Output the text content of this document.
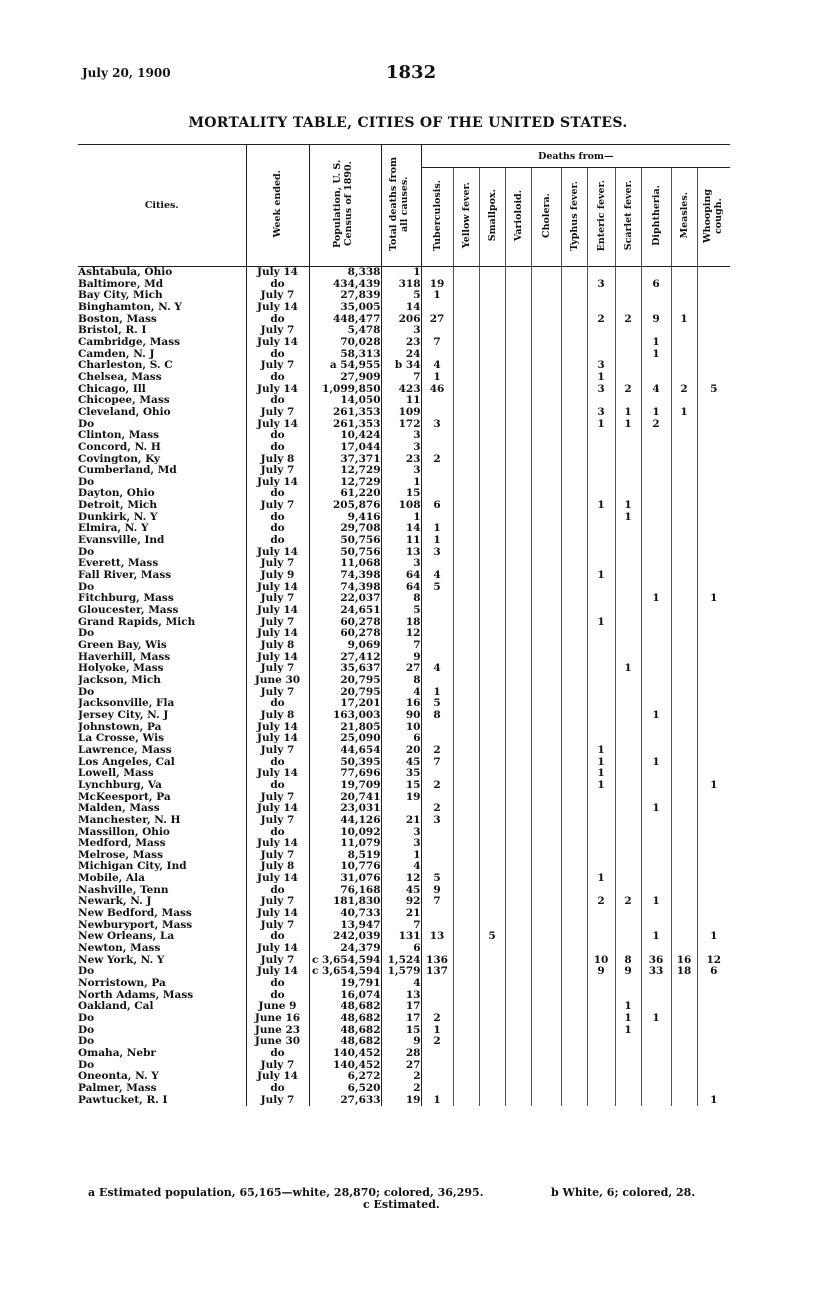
July 20, 1900	1832
MORTALITY TABLE, CITIES OF THE UNITED STATES.
Cities.	Week ended.	Population, U. S. Census of 1890.	Total deaths from all causes.	Deaths from—										
				Tuberculosis.	Yellow fever.	Smallpox.	Varioloid.	Cholera.	Typhus fever.	Enteric fever.	Scarlet fever.	Diphtheria.	Measles.	Whooping cough.
Ashtabula, Ohio	July 14	8,338	1											
Baltimore, Md	do	434,439	318	19						3		6		
Bay City, Mich	July 7	27,839	5	1										
Binghamton, N. Y	July 14	35,005	14											
Boston, Mass	do	448,477	206	27						2	2	9	1	
Bristol, R. I	July 7	5,478	3											
Cambridge, Mass	July 14	70,028	23	7								1		
Camden, N. J	do	58,313	24									1		
Charleston, S. C	July 7	a 54,955	b 34	4						3				
Chelsea, Mass	do	27,909	7	1						1				
Chicago, Ill	July 14	1,099,850	423	46						3	2	4	2	5
Chicopee, Mass	do	14,050	11											
Cleveland, Ohio	July 7	261,353	109							3	1	1	1	
Do	July 14	261,353	172	3						1	1	2		
Clinton, Mass	do	10,424	3											
Concord, N. H	do	17,044	3											
Covington, Ky	July 8	37,371	23	2										
Cumberland, Md	July 7	12,729	3											
Do	July 14	12,729	1											
Dayton, Ohio	do	61,220	15											
Detroit, Mich	July 7	205,876	108	6						1	1			
Dunkirk, N. Y	do	9,416	1								1			
Elmira, N. Y	do	29,708	14	1										
Evansville, Ind	do	50,756	11	1										
Do	July 14	50,756	13	3										
Everett, Mass	July 7	11,068	3											
Fall River, Mass	July 9	74,398	64	4						1				
Do	July 14	74,398	64	5										
Fitchburg, Mass	July 7	22,037	8									1		1
Gloucester, Mass	July 14	24,651	5											
Grand Rapids, Mich	July 7	60,278	18							1				
Do	July 14	60,278	12											
Green Bay, Wis	July 8	9,069	7											
Haverhill, Mass	July 14	27,412	9											
Holyoke, Mass	July 7	35,637	27	4							1			
Jackson, Mich	June 30	20,795	8											
Do	July 7	20,795	4	1										
Jacksonville, Fla	do	17,201	16	5										
Jersey City, N. J	July 8	163,003	90	8								1		
Johnstown, Pa	July 14	21,805	10											
La Crosse, Wis	July 14	25,090	6											
Lawrence, Mass	July 7	44,654	20	2						1				
Los Angeles, Cal	do	50,395	45	7						1		1		
Lowell, Mass	July 14	77,696	35							1				
Lynchburg, Va	do	19,709	15	2						1				1
McKeesport, Pa	July 7	20,741	19											
Malden, Mass	July 14	23,031		2								1		
Manchester, N. H	July 7	44,126	21	3										
Massillon, Ohio	do	10,092	3											
Medford, Mass	July 14	11,079	3											
Melrose, Mass	July 7	8,519	1											
Michigan City, Ind	July 8	10,776	4											
Mobile, Ala	July 14	31,076	12	5						1				
Nashville, Tenn	do	76,168	45	9										
Newark, N. J	July 7	181,830	92	7						2	2	1		
New Bedford, Mass	July 14	40,733	21											
Newburyport, Mass	July 7	13,947	7											
New Orleans, La	do	242,039	131	13		5						1		1
Newton, Mass	July 14	24,379	6											
New York, N. Y	July 7	c 3,654,594	1,524	136						10	8	36	16	12
Do	July 14	c 3,654,594	1,579	137						9	9	33	18	6
Norristown, Pa	do	19,791	4											
North Adams, Mass	do	16,074	13											
Oakland, Cal	June 9	48,682	17								1			
Do	June 16	48,682	17	2							1	1		
Do	June 23	48,682	15	1							1			
Do	June 30	48,682	9	2										
Omaha, Nebr	do	140,452	28											
Do	July 7	140,452	27											
Oneonta, N. Y	July 14	6,272	2											
Palmer, Mass	do	6,520	2											
Pawtucket, R. I	July 7	27,633	19	1										1
a Estimated population, 65,165—white, 28,870; colored, 36,295.	b White, 6; colored, 28.
c Estimated.
